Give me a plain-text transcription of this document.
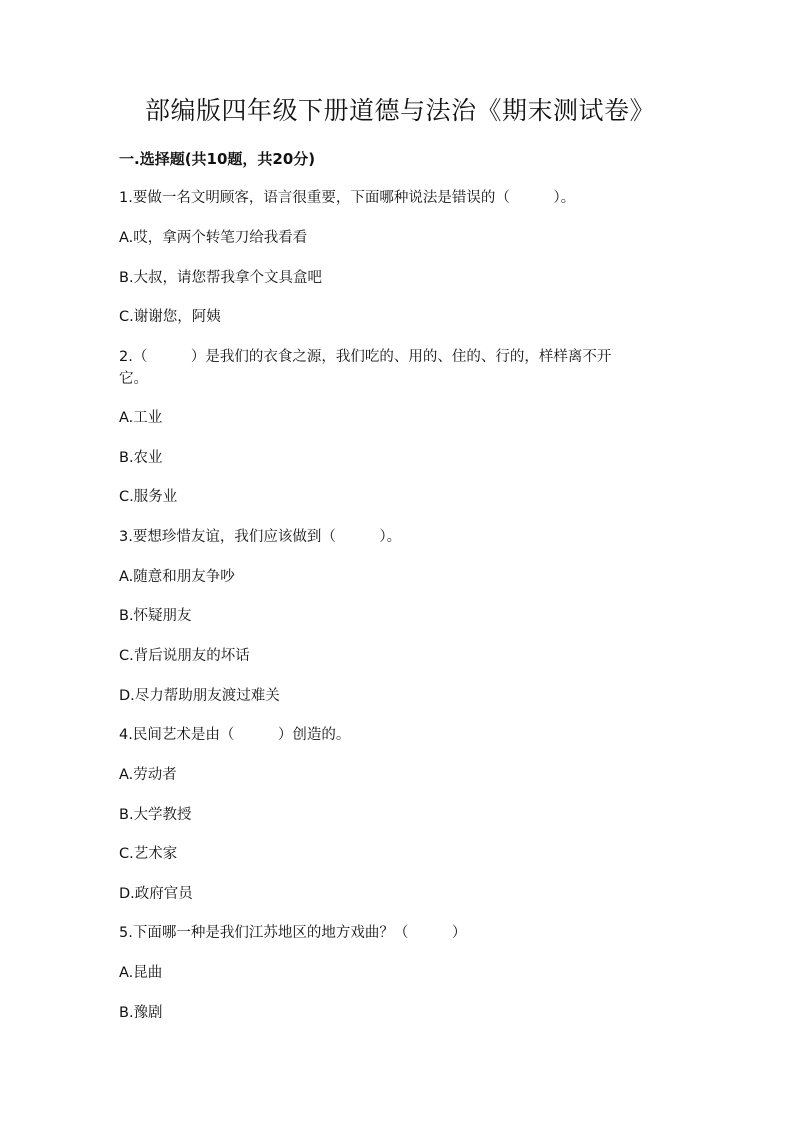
部编版四年级下册道德与法治《期末测试卷》
一.选择题(共10题，共20分)
1.要做一名文明顾客，语言很重要，下面哪种说法是错误的（　　　）。
A.哎，拿两个转笔刀给我看看
B.大叔，请您帮我拿个文具盒吧
C.谢谢您，阿姨
2.（　　　）是我们的衣食之源，我们吃的、用的、住的、行的，样样离不开
它。
A.工业
B.农业
C.服务业
3.要想珍惜友谊，我们应该做到（　　　）。
A.随意和朋友争吵
B.怀疑朋友
C.背后说朋友的坏话
D.尽力帮助朋友渡过难关
4.民间艺术是由（　　　）创造的。
A.劳动者
B.大学教授
C.艺术家
D.政府官员
5.下面哪一种是我们江苏地区的地方戏曲？（　　　）
A.昆曲
B.豫剧
